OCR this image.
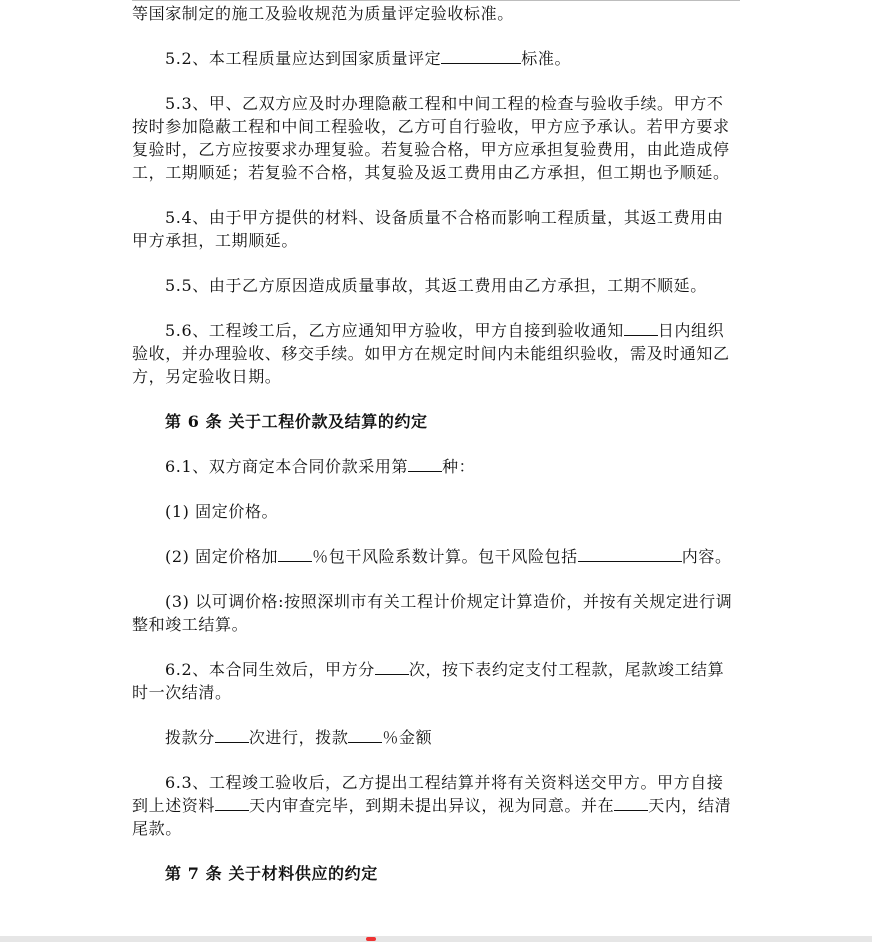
等国家制定的施工及验收规范为质量评定验收标准。

5.2、本工程质量应达到国家质量评定	标准。

5.3、甲、乙双方应及时办理隐蔽工程和中间工程的检查与验收手续。甲方不按时参加隐蔽工程和中间工程验收，乙方可自行验收，甲方应予承认。若甲方要求复验时，乙方应按要求办理复验。若复验合格，甲方应承担复验费用，由此造成停工，工期顺延；若复验不合格，其复验及返工费用由乙方承担，但工期也予顺延。

5.4、由于甲方提供的材料、设备质量不合格而影响工程质量，其返工费用由甲方承担，工期顺延。

5.5、由于乙方原因造成质量事故，其返工费用由乙方承担，工期不顺延。

5.6、工程竣工后，乙方应通知甲方验收，甲方自接到验收通知 日内组织验收，并办理验收、移交手续。如甲方在规定时间内未能组织验收，需及时通知乙方，另定验收日期。

第 6 条 关于工程价款及结算的约定

6.1、双方商定本合同价款采用第 种：

(1) 固定价格。

(2) 固定价格加 ％包干风险系数计算。包干风险包括	内容。

(3) 以可调价格:按照深圳市有关工程计价规定计算造价，并按有关规定进行调整和竣工结算。

6.2、本合同生效后，甲方分 次，按下表约定支付工程款，尾款竣工结算时一次结清。

拨款分 次进行，拨款 ％金额

6.3、工程竣工验收后，乙方提出工程结算并将有关资料送交甲方。甲方自接到上述资料 天内审查完毕，到期未提出异议，视为同意。并在 天内，结清尾款。

第 7 条 关于材料供应的约定
